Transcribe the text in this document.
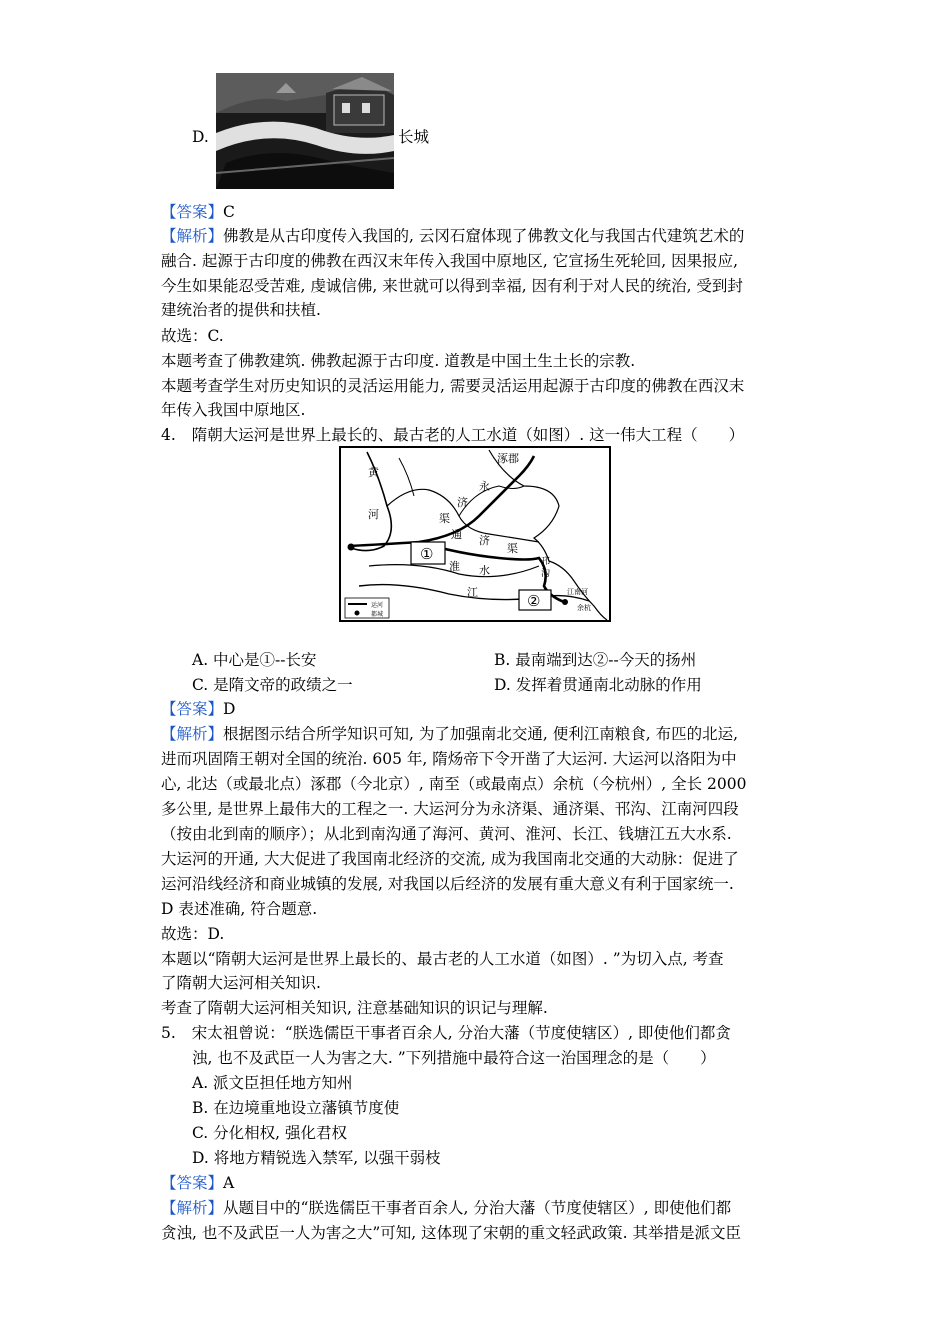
D.	长城
【答案】C
【解析】佛教是从古印度传入我国的, 云冈石窟体现了佛教文化与我国古代建筑艺术的
融合. 起源于古印度的佛教在西汉末年传入我国中原地区, 它宣扬生死轮回, 因果报应,
今生如果能忍受苦难, 虔诚信佛, 来世就可以得到幸福, 因有利于对人民的统治, 受到封
建统治者的提供和扶植.
故选：C.
本题考查了佛教建筑. 佛教起源于古印度. 道教是中国土生土长的宗教.
本题考查学生对历史知识的灵活运用能力, 需要灵活运用起源于古印度的佛教在西汉末
年传入我国中原地区.
4. 隋朝大运河是世界上最长的、最古老的人工水道（如图）. 这一伟大工程（　　）
涿郡
黄
河
永
济
渠
通 济
渠
淮 水
江
邗
沟
江南河
余杭
①
②
运河
都城
A. 中心是①--长安	B. 最南端到达②--今天的扬州
C. 是隋文帝的政绩之一	D. 发挥着贯通南北动脉的作用
【答案】D
【解析】根据图示结合所学知识可知, 为了加强南北交通, 便利江南粮食, 布匹的北运,
进而巩固隋王朝对全国的统治. 605 年, 隋炀帝下令开凿了大运河. 大运河以洛阳为中
心, 北达（或最北点）涿郡（今北京）, 南至（或最南点）余杭（今杭州）, 全长 2000
多公里, 是世界上最伟大的工程之一. 大运河分为永济渠、通济渠、邗沟、江南河四段
（按由北到南的顺序）；从北到南沟通了海河、黄河、淮河、长江、钱塘江五大水系.
大运河的开通, 大大促进了我国南北经济的交流, 成为我国南北交通的大动脉：促进了
运河沿线经济和商业城镇的发展, 对我国以后经济的发展有重大意义有利于国家统一.
D 表述准确, 符合题意.
故选：D.
本题以“隋朝大运河是世界上最长的、最古老的人工水道（如图）. ”为切入点, 考查
了隋朝大运河相关知识.
考查了隋朝大运河相关知识, 注意基础知识的识记与理解.
5. 宋太祖曾说：“朕选儒臣干事者百余人, 分治大藩（节度使辖区）, 即使他们都贪
浊, 也不及武臣一人为害之大. ”下列措施中最符合这一治国理念的是（　　）
A. 派文臣担任地方知州
B. 在边境重地设立藩镇节度使
C. 分化相权, 强化君权
D. 将地方精锐选入禁军, 以强干弱枝
【答案】A
【解析】从题目中的“朕选儒臣干事者百余人, 分治大藩（节度使辖区）, 即使他们都
贪浊, 也不及武臣一人为害之大”可知, 这体现了宋朝的重文轻武政策. 其举措是派文臣
